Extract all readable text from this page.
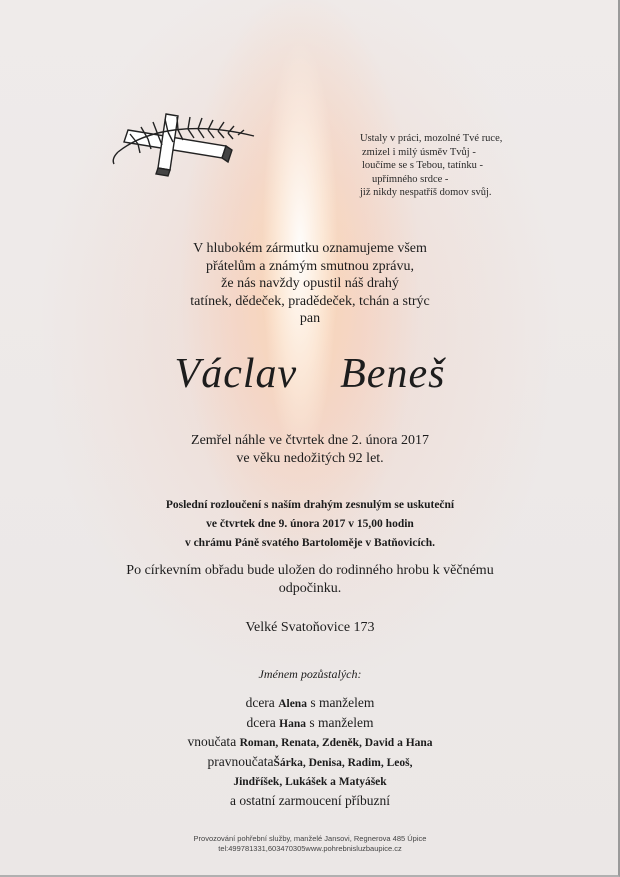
Ustaly v práci, mozolné Tvé ruce,
zmizel i milý úsměv Tvůj -
loučíme se s Tebou, tatínku -
upřímného srdce -
již nikdy nespatříš domov svůj.
V hlubokém zármutku oznamujeme všem
přátelům a známým smutnou zprávu,
že nás navždy opustil náš drahý
tatínek, dědeček, pradědeček, tchán a strýc
pan
Václav  Beneš
Zemřel náhle ve čtvrtek dne 2. února 2017
ve věku nedožitých 92 let.
Poslední rozloučení s naším drahým zesnulým se uskuteční
ve čtvrtek dne 9. února 2017 v 15,00 hodin
v chrámu Páně svatého Bartoloměje v Batňovicích.
Po církevním obřadu bude uložen do rodinného hrobu k věčnému
odpočinku.
Velké Svatoňovice 173
Jménem pozůstalých:
dcera Alena s manželem
dcera Hana s manželem
vnoučata Roman, Renata, Zdeněk, David a Hana
pravnoučataŠárka, Denisa, Radim, Leoš,
Jindříšek, Lukášek a Matyášek
a ostatní zarmoucení příbuzní
Provozování pohřební služby, manželé Jansovi, Regnerova 485 Úpice
tel:499781331,603470305www.pohrebnisluzbaupice.cz
